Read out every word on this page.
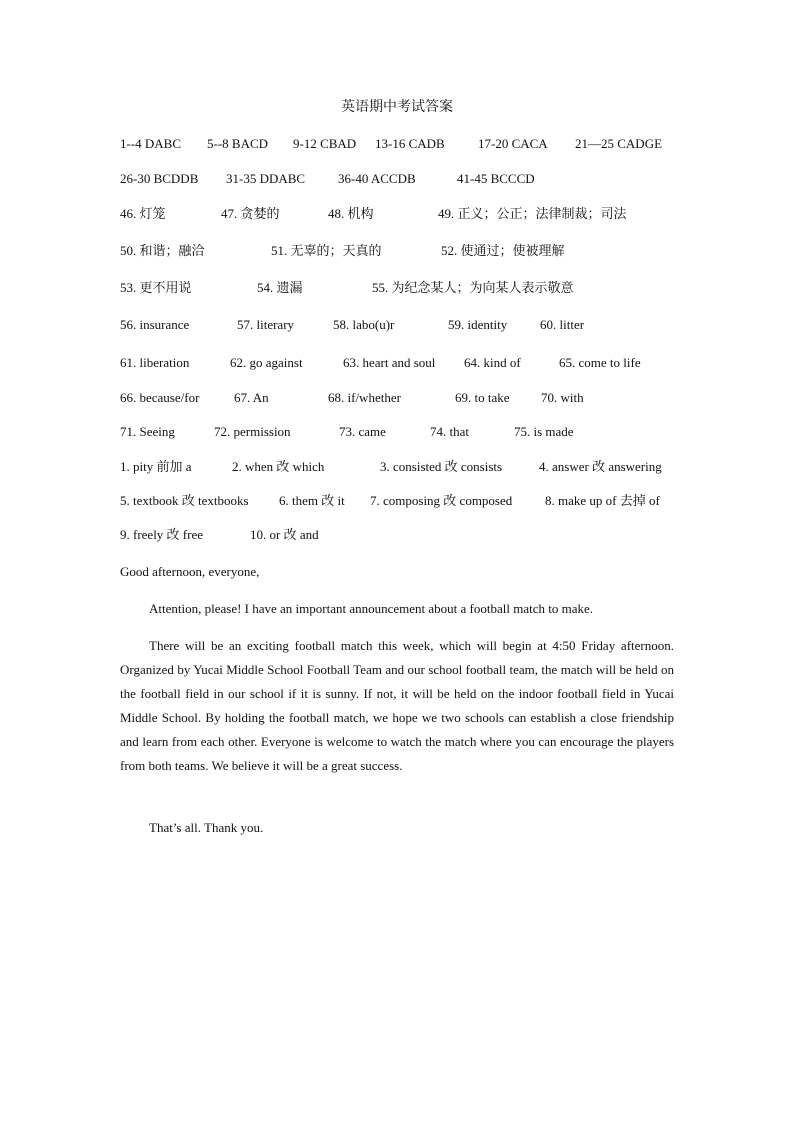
英语期中考试答案
1--4 DABC 5--8 BACD 9-12 CBAD 13-16 CADB	17-20 CACA 21—25 CADGE
26-30 BCDDB 31-35 DDABC	36-40 ACCDB	41-45 BCCCD
46. 灯笼	47. 贪婪的	48. 机构	49. 正义；公正；法律制裁；司法
50. 和谐；融洽	51. 无辜的；天真的	52. 使通过；使被理解
53. 更不用说	54. 遗漏	55. 为纪念某人；为向某人表示敬意
56. insurance	57. literary	58. labo(u)r	59. identity	60. litter
61. liberation	62. go against	63. heart and soul 64. kind of	65. come to life
66. because/for	67. An	68. if/whether	69. to take 70. with
71. Seeing	72. permission	73. came	74. that	75. is made
1. pity 前加 a	2. when 改 which	3. consisted 改 consists	4. answer 改 answering
5. textbook 改 textbooks 6. them 改 it 7. composing 改 composed	8. make up of 去掉 of
9. freely 改 free	10. or 改 and
Good afternoon, everyone,
Attention, please! I have an important announcement about a football match to make.
There will be an exciting football match this week, which will begin at 4:50 Friday afternoon. Organized by Yucai Middle School Football Team and our school football team, the match will be held on the football field in our school if it is sunny. If not, it will be held on the indoor football field in Yucai Middle School. By holding the football match, we hope we two schools can establish a close friendship and learn from each other. Everyone is welcome to watch the match where you can encourage the players from both teams. We believe it will be a great success.
That’s all. Thank you.
